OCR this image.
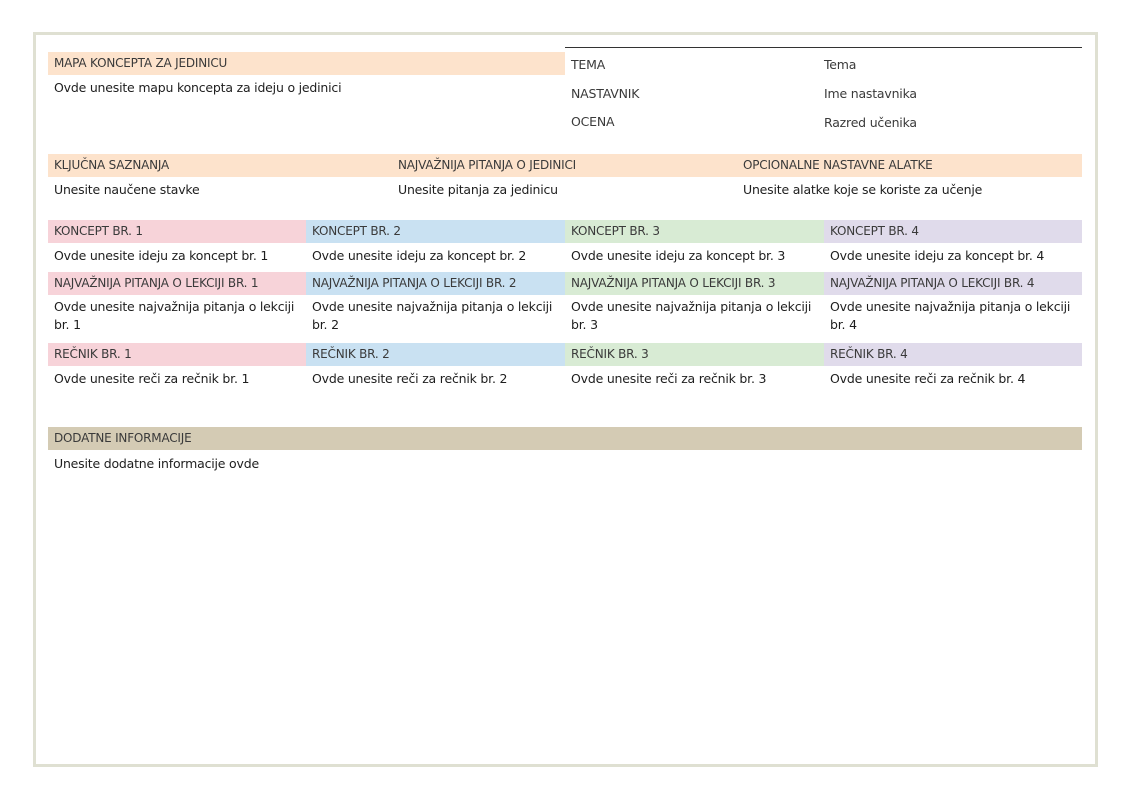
MAPA KONCEPTA ZA JEDINICU
Ovde unesite mapu koncepta za ideju o jedinici
TEMA	Tema
NASTAVNIK	Ime nastavnika
OCENA	Razred učenika
KLJUČNA SAZNANJA
Unesite naučene stavke
NAJVAŽNIJA PITANJA O JEDINICI
Unesite pitanja za jedinicu
OPCIONALNE NASTAVNE ALATKE
Unesite alatke koje se koriste za učenje
KONCEPT BR. 1
Ovde unesite ideju za koncept br. 1
NAJVAŽNIJA PITANJA O LEKCIJI BR. 1
Ovde unesite najvažnija pitanja o lekciji br. 1
REČNIK BR. 1
Ovde unesite reči za rečnik br. 1
KONCEPT BR. 2
Ovde unesite ideju za koncept br. 2
NAJVAŽNIJA PITANJA O LEKCIJI BR. 2
Ovde unesite najvažnija pitanja o lekciji br. 2
REČNIK BR. 2
Ovde unesite reči za rečnik br. 2
KONCEPT BR. 3
Ovde unesite ideju za koncept br. 3
NAJVAŽNIJA PITANJA O LEKCIJI BR. 3
Ovde unesite najvažnija pitanja o lekciji br. 3
REČNIK BR. 3
Ovde unesite reči za rečnik br. 3
KONCEPT BR. 4
Ovde unesite ideju za koncept br. 4
NAJVAŽNIJA PITANJA O LEKCIJI BR. 4
Ovde unesite najvažnija pitanja o lekciji br. 4
REČNIK BR. 4
Ovde unesite reči za rečnik br. 4
DODATNE INFORMACIJE
Unesite dodatne informacije ovde
